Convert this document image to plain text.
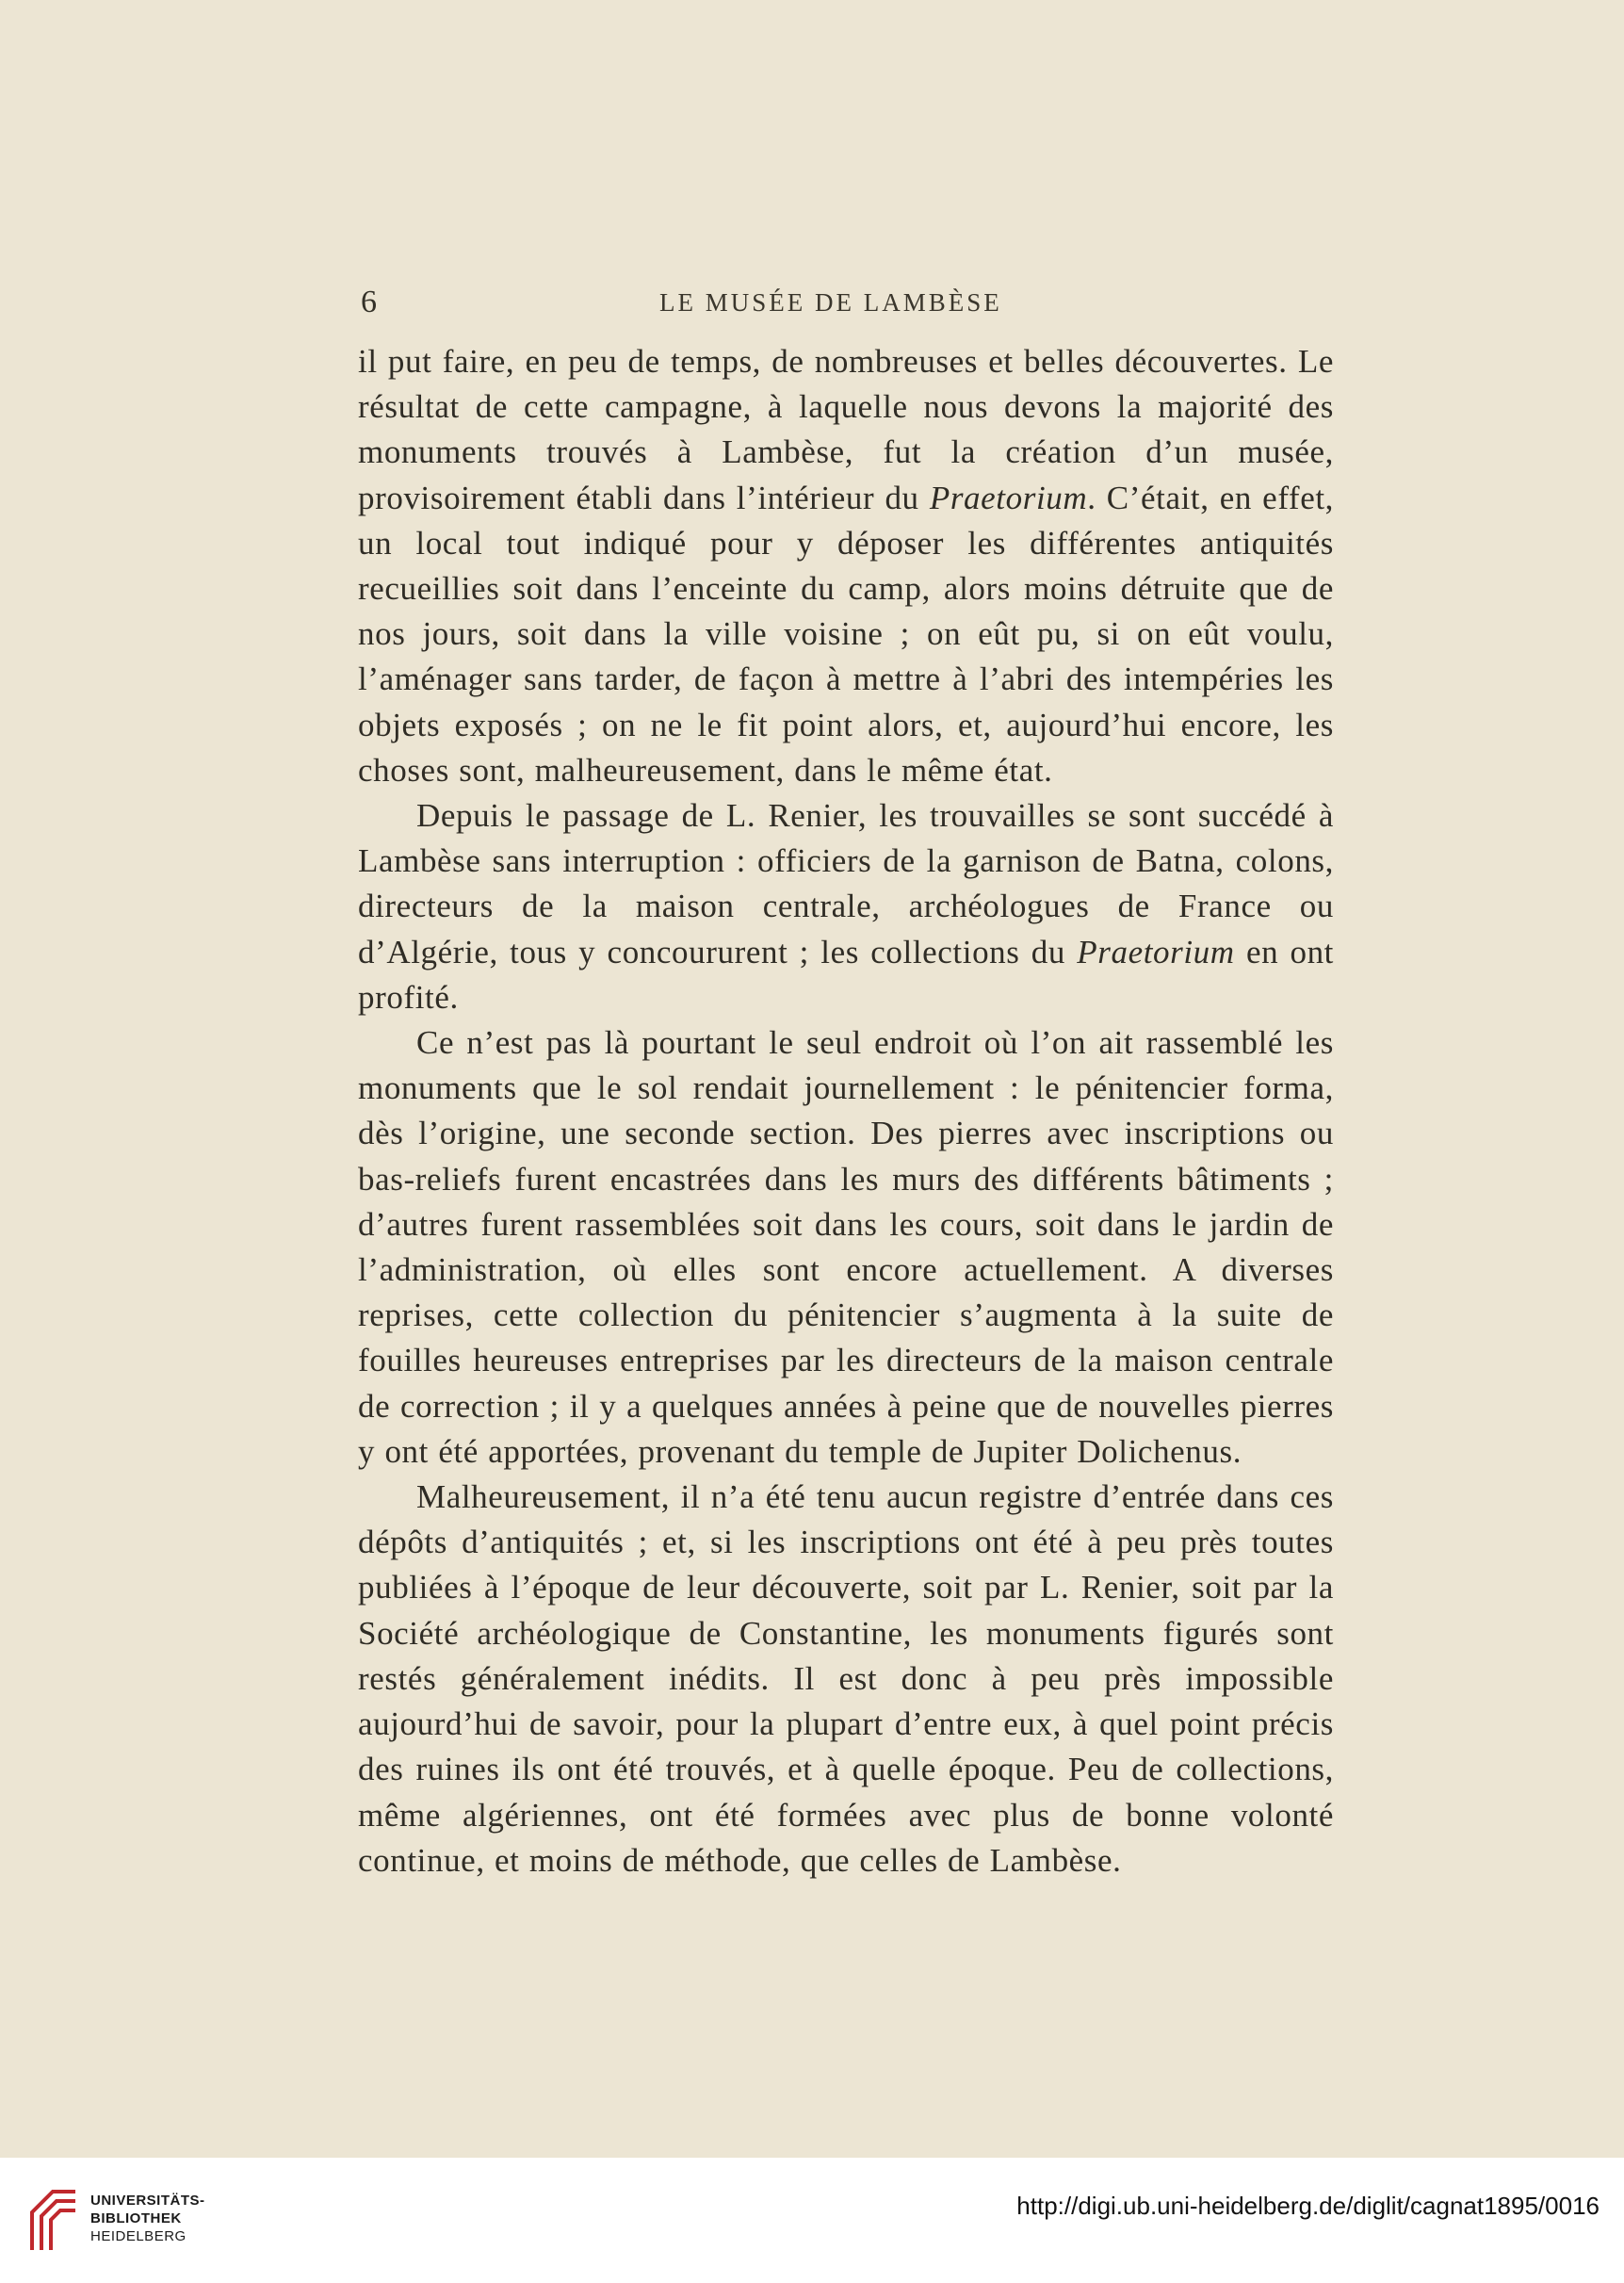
6	LE MUSÉE DE LAMBÈSE

il put faire, en peu de temps, de nombreuses et belles découvertes. Le résultat de cette campagne, à laquelle nous devons la majorité des monuments trouvés à Lambèse, fut la création d’un musée, provisoirement établi dans l’intérieur du Praetorium. C’était, en effet, un local tout indiqué pour y déposer les différentes antiquités recueillies soit dans l’enceinte du camp, alors moins détruite que de nos jours, soit dans la ville voisine ; on eût pu, si on eût voulu, l’aménager sans tarder, de façon à mettre à l’abri des intempéries les objets exposés ; on ne le fit point alors, et, aujourd’hui encore, les choses sont, malheureusement, dans le même état.

Depuis le passage de L. Renier, les trouvailles se sont succédé à Lambèse sans interruption : officiers de la garnison de Batna, colons, directeurs de la maison centrale, archéologues de France ou d’Algérie, tous y concoururent ; les collections du Praetorium en ont profité.

Ce n’est pas là pourtant le seul endroit où l’on ait rassemblé les monuments que le sol rendait journellement : le pénitencier forma, dès l’origine, une seconde section. Des pierres avec inscriptions ou bas-reliefs furent encastrées dans les murs des différents bâtiments ; d’autres furent rassemblées soit dans les cours, soit dans le jardin de l’administration, où elles sont encore actuellement. A diverses reprises, cette collection du pénitencier s’augmenta à la suite de fouilles heureuses entreprises par les directeurs de la maison centrale de correction ; il y a quelques années à peine que de nouvelles pierres y ont été apportées, provenant du temple de Jupiter Dolichenus.

Malheureusement, il n’a été tenu aucun registre d’entrée dans ces dépôts d’antiquités ; et, si les inscriptions ont été à peu près toutes publiées à l’époque de leur découverte, soit par L. Renier, soit par la Société archéologique de Constantine, les monuments figurés sont restés généralement inédits. Il est donc à peu près impossible aujourd’hui de savoir, pour la plupart d’entre eux, à quel point précis des ruines ils ont été trouvés, et à quelle époque. Peu de collections, même algériennes, ont été formées avec plus de bonne volonté continue, et moins de méthode, que celles de Lambèse.

UNIVERSITÄTS-
BIBLIOTHEK
HEIDELBERG
http://digi.ub.uni-heidelberg.de/diglit/cagnat1895/0016
